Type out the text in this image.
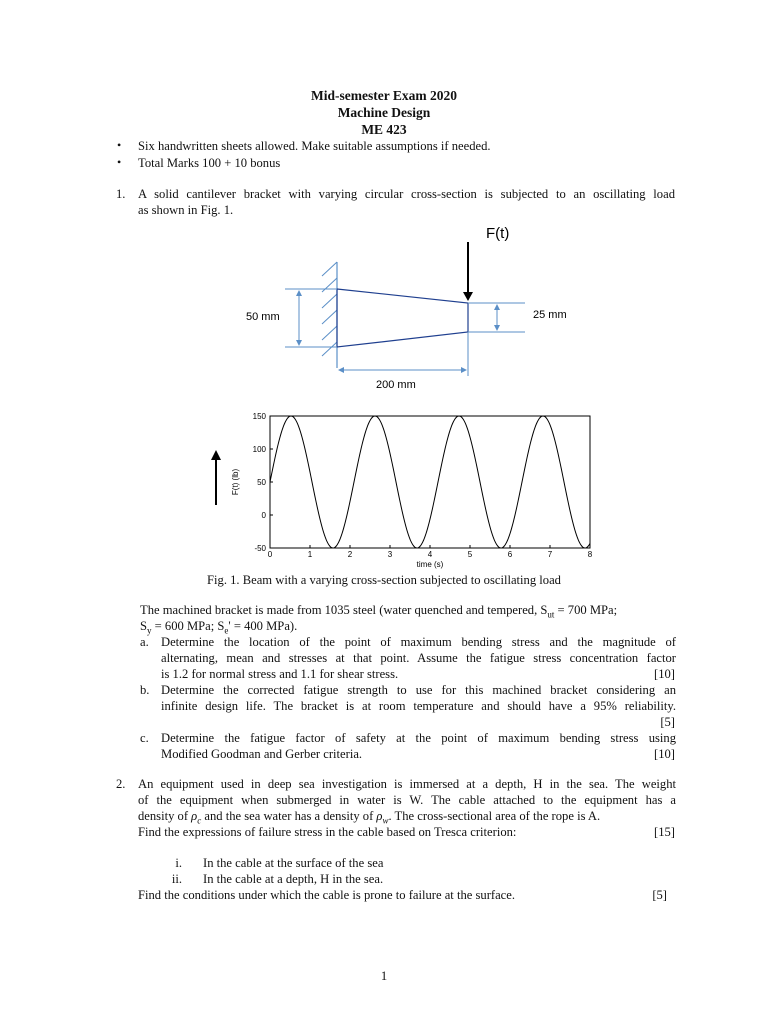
Mid-semester Exam 2020
Machine Design
ME 423
• Six handwritten sheets allowed. Make suitable assumptions if needed.
• Total Marks 100 + 10 bonus
1. A solid cantilever bracket with varying circular cross-section is subjected to an oscillating load
as shown in Fig. 1.
F(t)
50 mm	25 mm
200 mm
F(t) (lb)
time (s)
0	1	2	3	4	5	6	7	8
-50
0
50
100
150
Fig. 1. Beam with a varying cross-section subjected to oscillating load
The machined bracket is made from 1035 steel (water quenched and tempered, $S_{ut} = 700$ MPa;
$S_y = 600$ MPa; $S_e' = 400$ MPa).
a. Determine the location of the point of maximum bending stress and the magnitude of
alternating, mean and stresses at that point. Assume the fatigue stress concentration factor
is 1.2 for normal stress and 1.1 for shear stress.	[10]
b. Determine the corrected fatigue strength to use for this machined bracket considering an
infinite design life. The bracket is at room temperature and should have a 95% reliability.
[5]
c. Determine the fatigue factor of safety at the point of maximum bending stress using
Modified Goodman and Gerber criteria.	[10]
2. An equipment used in deep sea investigation is immersed at a depth, H in the sea. The weight
of the equipment when submerged in water is W. The cable attached to the equipment has a
density of $\rho_c$ and the sea water has a density of $\rho_w$. The cross-sectional area of the rope is A.
Find the expressions of failure stress in the cable based on Tresca criterion:	[15]
i. In the cable at the surface of the sea
ii. In the cable at a depth, H in the sea.
Find the conditions under which the cable is prone to failure at the surface.	[5]
1
